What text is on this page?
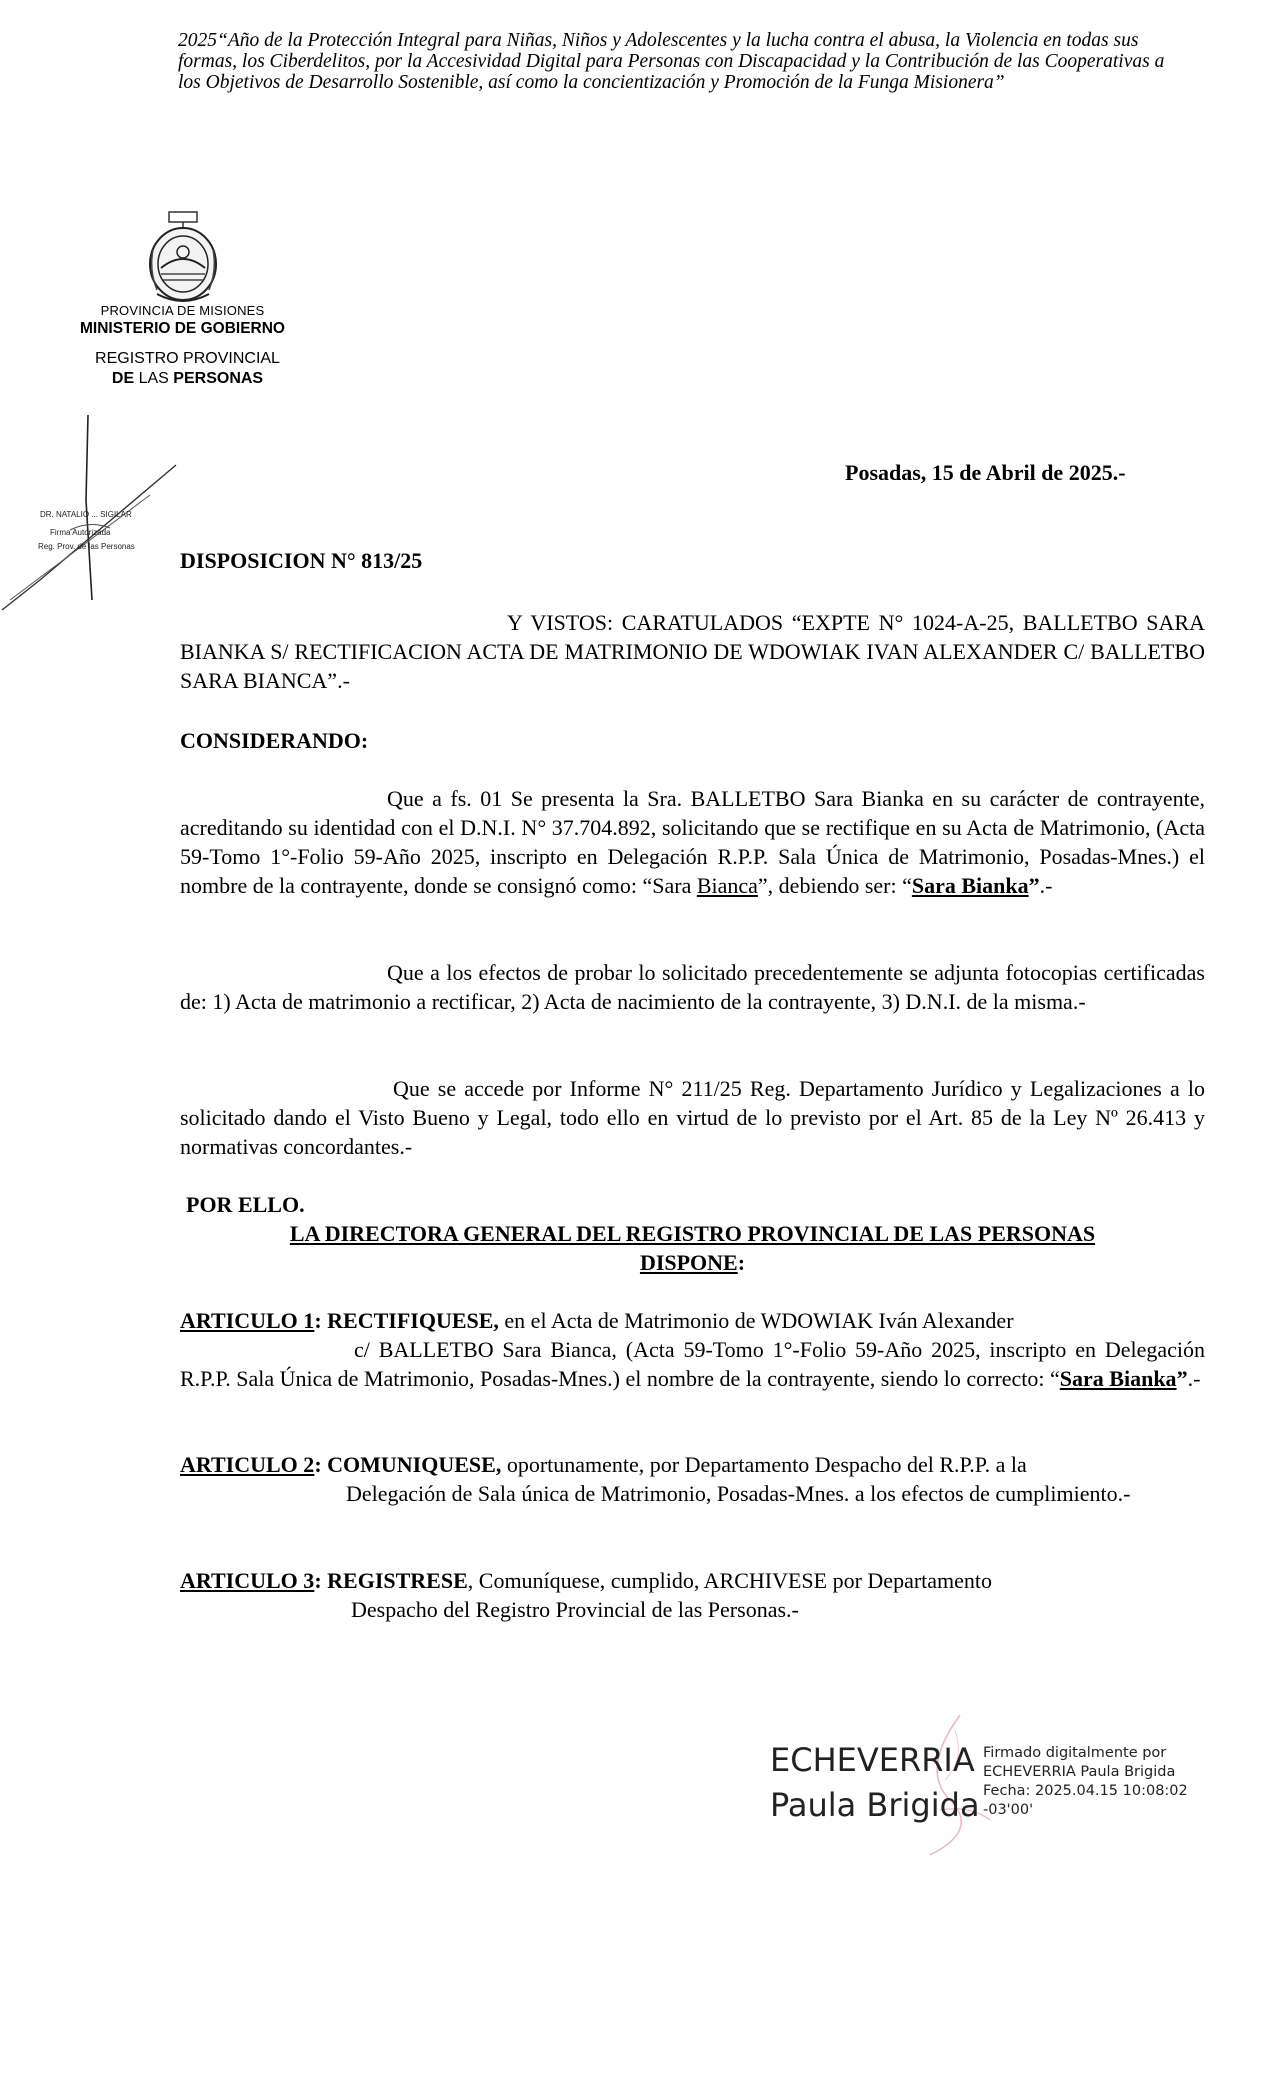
2025“Año de la Protección Integral para Niñas, Niños y Adolescentes y la lucha contra el abusa, la Violencia en todas sus formas, los Ciberdelitos, por la Accesividad Digital para Personas con Discapacidad y la Contribución de las Cooperativas a los Objetivos de Desarrollo Sostenible, así como la concientización y Promoción de la Funga Misionera”
PROVINCIA DE MISIONES
MINISTERIO DE GOBIERNO
REGISTRO PROVINCIAL
DE LAS PERSONAS
DR. NATALIO ... SIGILAR
Firma Autorizada
Reg. Prov. de las Personas
Posadas, 15 de Abril de 2025.-
DISPOSICION N° 813/25

Y VISTOS: CARATULADOS “EXPTE N° 1024-A-25, BALLETBO SARA BIANKA S/ RECTIFICACION ACTA DE MATRIMONIO DE WDOWIAK IVAN ALEXANDER C/ BALLETBO SARA BIANCA”.-

CONSIDERANDO:

Que a fs. 01 Se presenta la Sra. BALLETBO Sara Bianka en su carácter de contrayente, acreditando su identidad con el D.N.I. N° 37.704.892, solicitando que se rectifique en su Acta de Matrimonio, (Acta 59-Tomo 1°-Folio 59-Año 2025, inscripto en Delegación R.P.P. Sala Única de Matrimonio, Posadas-Mnes.) el nombre de la contrayente, donde se consignó como: “Sara Bianca”, debiendo ser: “Sara Bianka”.-

Que a los efectos de probar lo solicitado precedentemente se adjunta fotocopias certificadas de: 1) Acta de matrimonio a rectificar, 2) Acta de nacimiento de la contrayente, 3) D.N.I. de la misma.-

Que se accede por Informe N° 211/25 Reg. Departamento Jurídico y Legalizaciones a lo solicitado dando el Visto Bueno y Legal, todo ello en virtud de lo previsto por el Art. 85 de la Ley Nº 26.413 y normativas concordantes.-

POR ELLO.
LA DIRECTORA GENERAL DEL REGISTRO PROVINCIAL DE LAS PERSONAS
DISPONE:

ARTICULO 1: RECTIFIQUESE, en el Acta de Matrimonio de WDOWIAK Iván Alexander

c/ BALLETBO Sara Bianca, (Acta 59-Tomo 1°-Folio 59-Año 2025, inscripto en Delegación R.P.P. Sala Única de Matrimonio, Posadas-Mnes.) el nombre de la contrayente, siendo lo correcto: “Sara Bianka”.-

ARTICULO 2: COMUNIQUESE, oportunamente, por Departamento Despacho del R.P.P. a la

Delegación de Sala única de Matrimonio, Posadas-Mnes. a los efectos de cumplimiento.-

ARTICULO 3: REGISTRESE, Comuníquese, cumplido, ARCHIVESE por Departamento

Despacho del Registro Provincial de las Personas.-

ECHEVERRIA
Paula Brigida
Firmado digitalmente por
ECHEVERRIA Paula Brigida
Fecha: 2025.04.15 10:08:02
-03'00'
